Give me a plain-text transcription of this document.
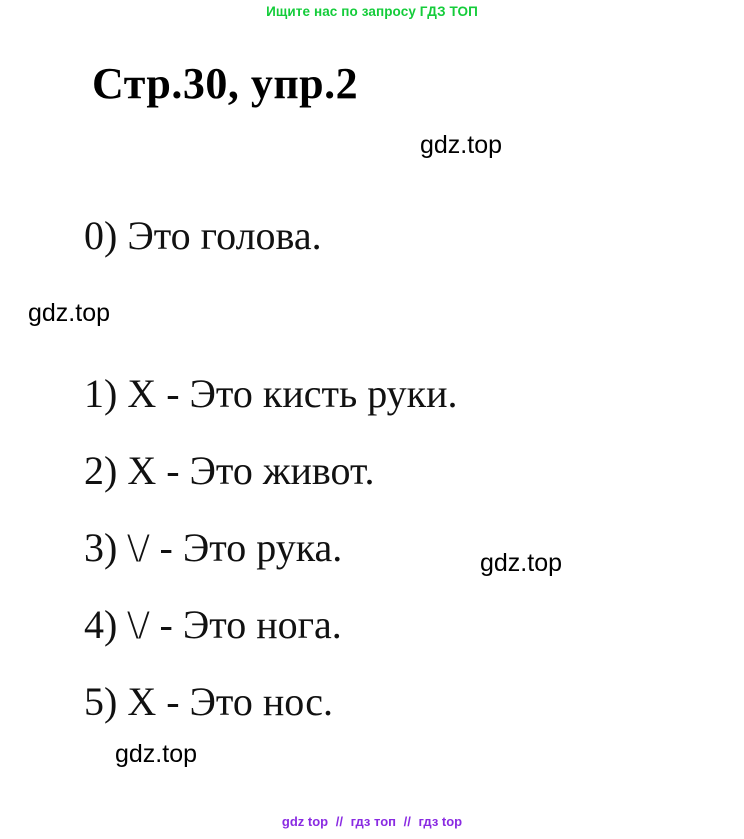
Ищите нас по запросу ГДЗ ТОП
Стр.30, упр.2
gdz.top
gdz.top
gdz.top
gdz.top
0) Это голова.
1) X - Это кисть руки.
2) X - Это живот.
3) \/ - Это рука.
4) \/ - Это нога.
5) X - Это нос.
gdz top // гдз топ // гдз top
